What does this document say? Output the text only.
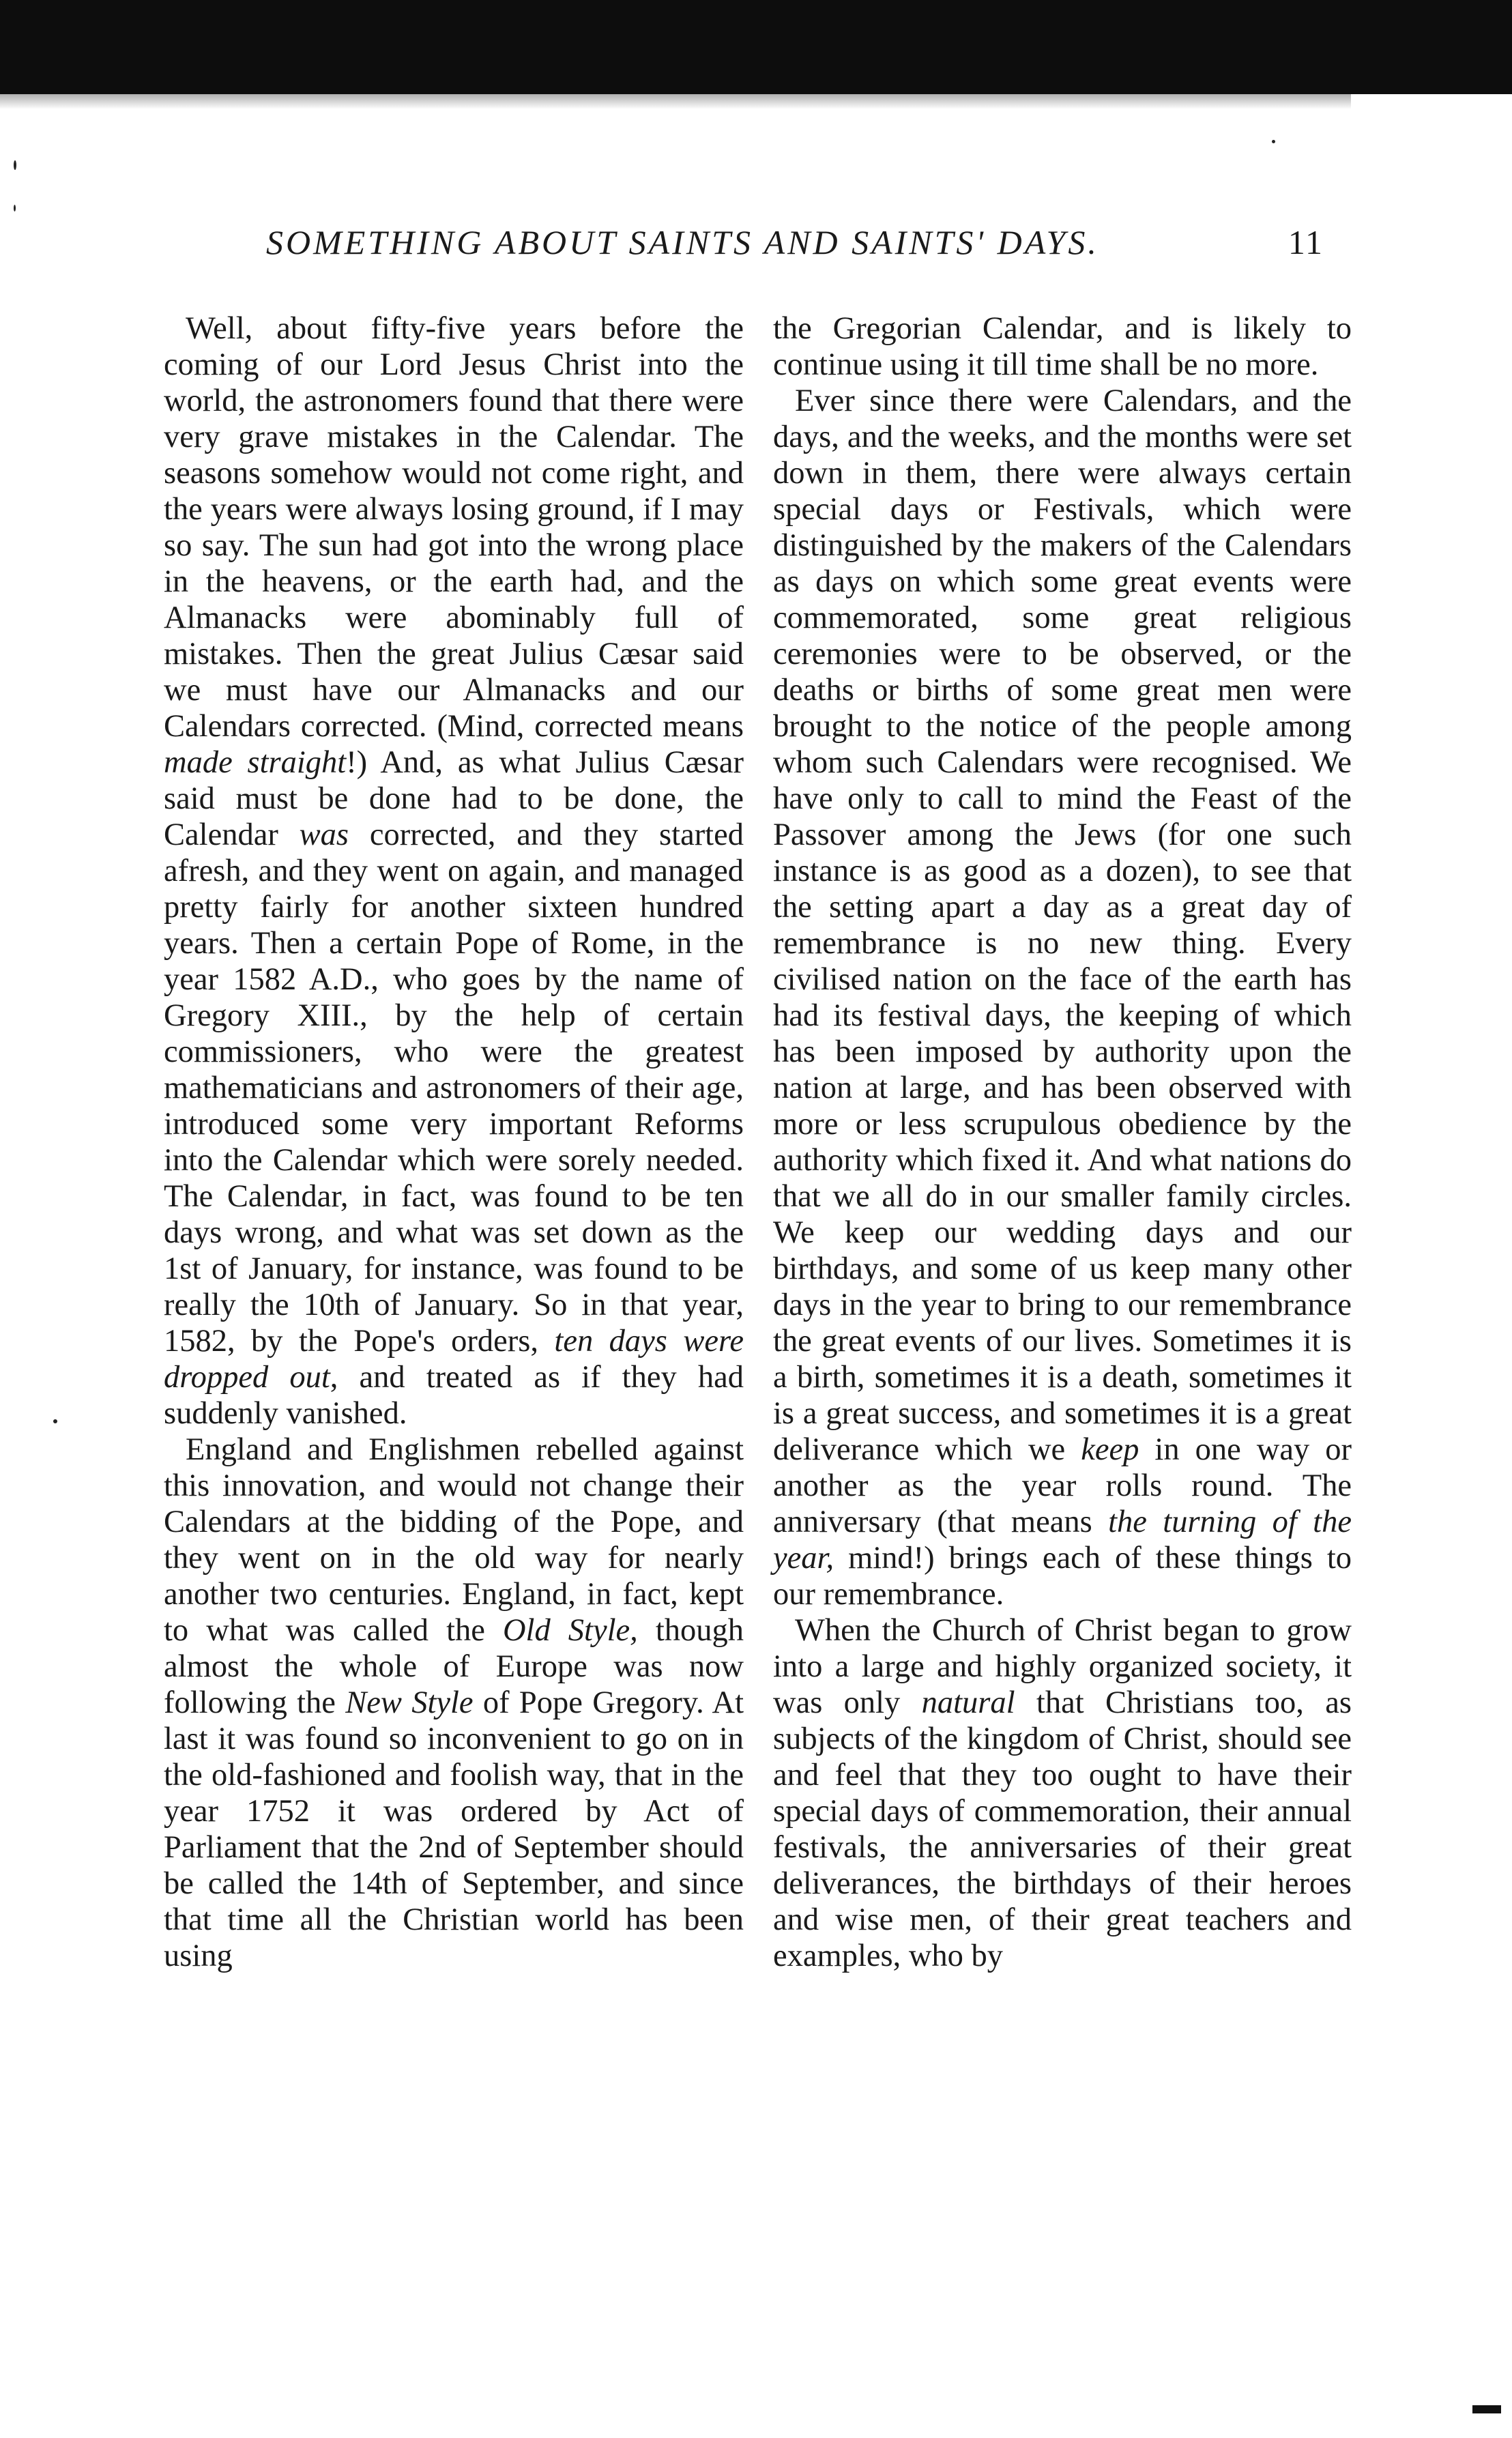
SOMETHING ABOUT SAINTS AND SAINTS' DAYS.	11

Well, about fifty-five years before the coming of our Lord Jesus Christ into the world, the astronomers found that there were very grave mistakes in the Calendar. The seasons somehow would not come right, and the years were always losing ground, if I may so say. The sun had got into the wrong place in the heavens, or the earth had, and the Almanacks were abominably full of mistakes. Then the great Julius Cæsar said we must have our Almanacks and our Calendars corrected. (Mind, corrected means made straight!) And, as what Julius Cæsar said must be done had to be done, the Calendar was corrected, and they started afresh, and they went on again, and managed pretty fairly for another sixteen hundred years. Then a certain Pope of Rome, in the year 1582 A.D., who goes by the name of Gregory XIII., by the help of certain commissioners, who were the greatest mathematicians and astronomers of their age, introduced some very important Reforms into the Calendar which were sorely needed. The Calendar, in fact, was found to be ten days wrong, and what was set down as the 1st of January, for instance, was found to be really the 10th of January. So in that year, 1582, by the Pope's orders, ten days were dropped out, and treated as if they had suddenly vanished.

England and Englishmen rebelled against this innovation, and would not change their Calendars at the bidding of the Pope, and they went on in the old way for nearly another two centuries. England, in fact, kept to what was called the Old Style, though almost the whole of Europe was now following the New Style of Pope Gregory. At last it was found so inconvenient to go on in the old-fashioned and foolish way, that in the year 1752 it was ordered by Act of Parliament that the 2nd of September should be called the 14th of September, and since that time all the Christian world has been using

the Gregorian Calendar, and is likely to continue using it till time shall be no more.

Ever since there were Calendars, and the days, and the weeks, and the months were set down in them, there were always certain special days or Festivals, which were distinguished by the makers of the Calendars as days on which some great events were commemorated, some great religious ceremonies were to be observed, or the deaths or births of some great men were brought to the notice of the people among whom such Calendars were recognised. We have only to call to mind the Feast of the Passover among the Jews (for one such instance is as good as a dozen), to see that the setting apart a day as a great day of remembrance is no new thing. Every civilised nation on the face of the earth has had its festival days, the keeping of which has been imposed by authority upon the nation at large, and has been observed with more or less scrupulous obedience by the authority which fixed it. And what nations do that we all do in our smaller family circles. We keep our wedding days and our birthdays, and some of us keep many other days in the year to bring to our remembrance the great events of our lives. Sometimes it is a birth, sometimes it is a death, sometimes it is a great success, and sometimes it is a great deliverance which we keep in one way or another as the year rolls round. The anniversary (that means the turning of the year, mind!) brings each of these things to our remembrance.

When the Church of Christ began to grow into a large and highly organized society, it was only natural that Christians too, as subjects of the kingdom of Christ, should see and feel that they too ought to have their special days of commemoration, their annual festivals, the anniversaries of their great deliverances, the birthdays of their heroes and wise men, of their great teachers and examples, who by
